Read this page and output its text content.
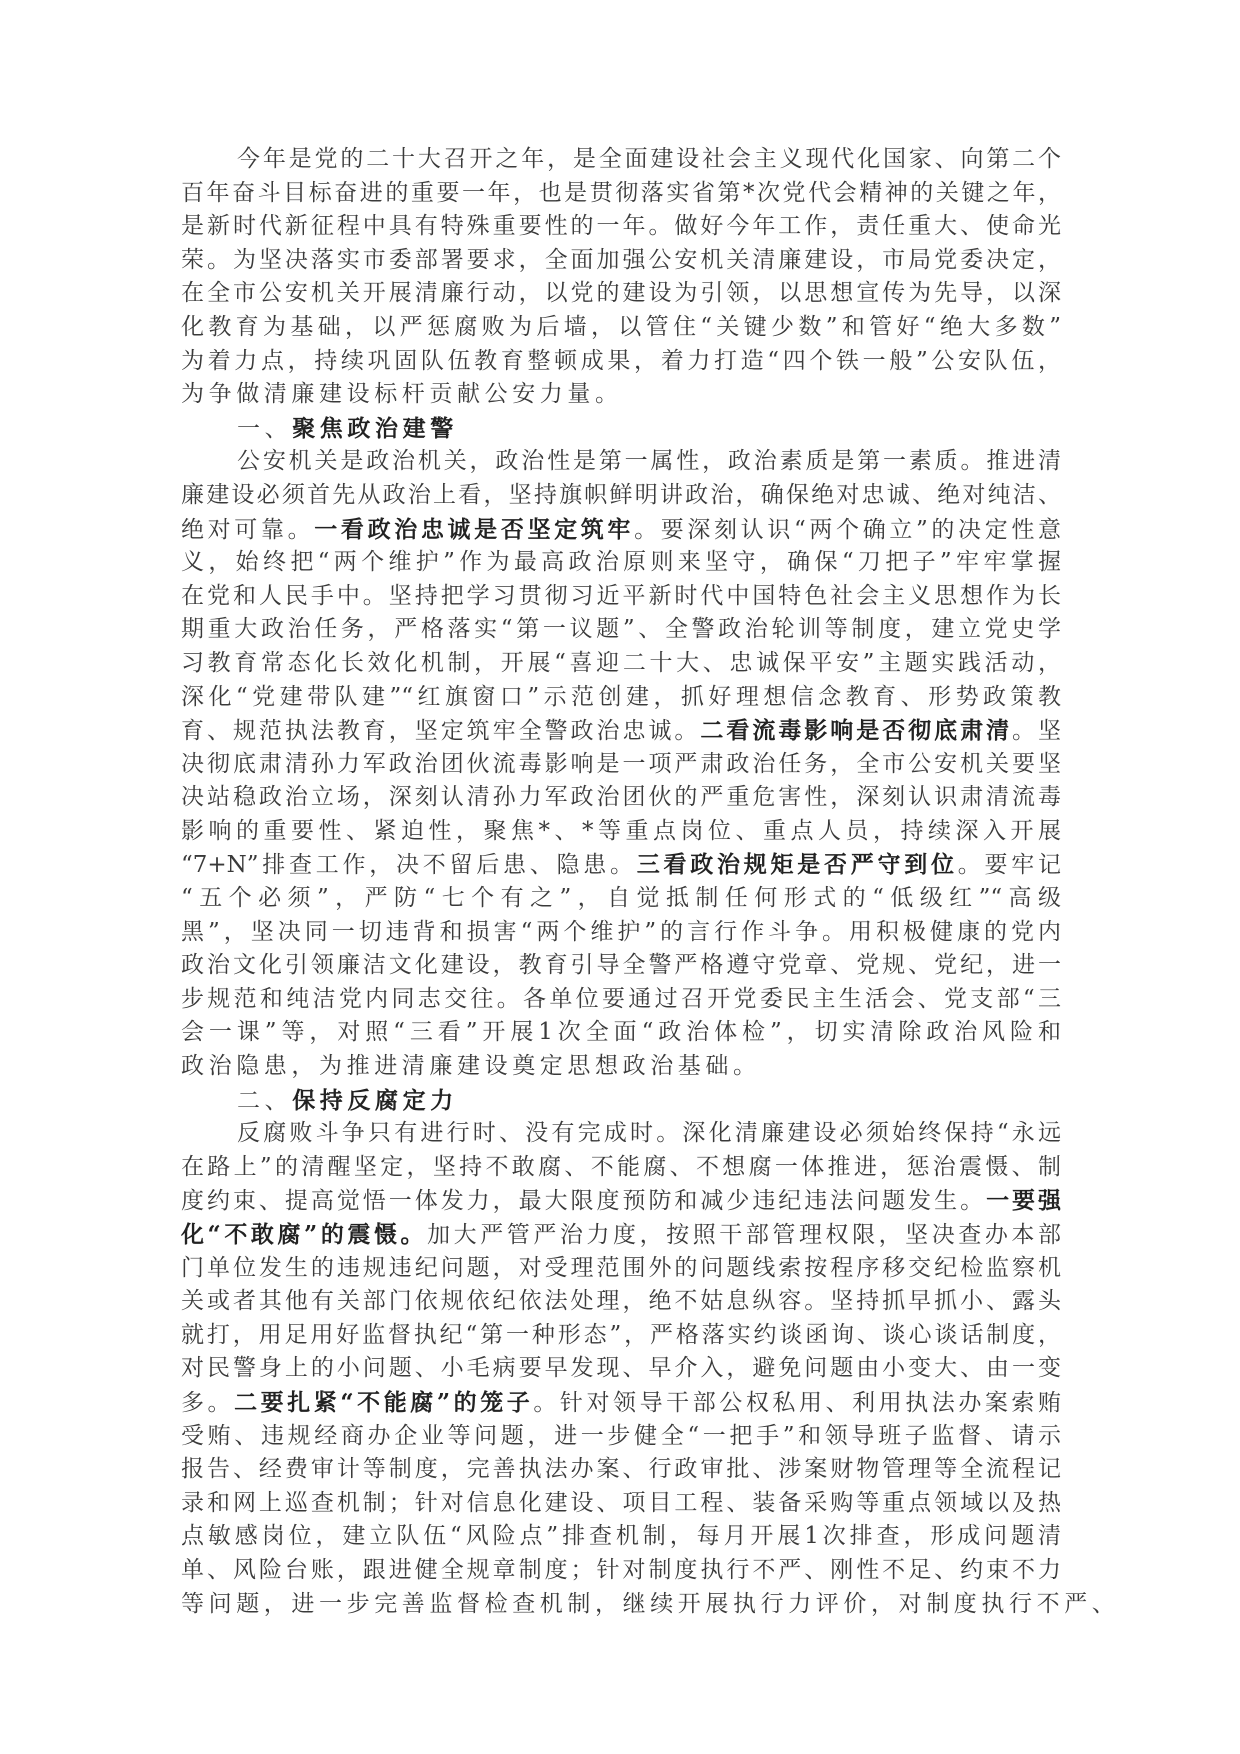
今年是党的二十大召开之年，是全面建设社会主义现代化国家、向第二个
百年奋斗目标奋进的重要一年，也是贯彻落实省第*次党代会精神的关键之年，
是新时代新征程中具有特殊重要性的一年。做好今年工作，责任重大、使命光
荣。为坚决落实市委部署要求，全面加强公安机关清廉建设，市局党委决定，
在全市公安机关开展清廉行动，以党的建设为引领，以思想宣传为先导，以深
化教育为基础，以严惩腐败为后墙，以管住“关键少数”和管好“绝大多数”
为着力点，持续巩固队伍教育整顿成果，着力打造“四个铁一般”公安队伍，
为争做清廉建设标杆贡献公安力量。
一、聚焦政治建警
公安机关是政治机关，政治性是第一属性，政治素质是第一素质。推进清
廉建设必须首先从政治上看，坚持旗帜鲜明讲政治，确保绝对忠诚、绝对纯洁、
绝对可靠。一看政治忠诚是否坚定筑牢。要深刻认识“两个确立”的决定性意
义，始终把“两个维护”作为最高政治原则来坚守，确保“刀把子”牢牢掌握
在党和人民手中。坚持把学习贯彻习近平新时代中国特色社会主义思想作为长
期重大政治任务，严格落实“第一议题”、全警政治轮训等制度，建立党史学
习教育常态化长效化机制，开展“喜迎二十大、忠诚保平安”主题实践活动，
深化“党建带队建”“红旗窗口”示范创建，抓好理想信念教育、形势政策教
育、规范执法教育，坚定筑牢全警政治忠诚。二看流毒影响是否彻底肃清。坚
决彻底肃清孙力军政治团伙流毒影响是一项严肃政治任务，全市公安机关要坚
决站稳政治立场，深刻认清孙力军政治团伙的严重危害性，深刻认识肃清流毒
影响的重要性、紧迫性，聚焦*、*等重点岗位、重点人员，持续深入开展
“7+N”排查工作，决不留后患、隐患。三看政治规矩是否严守到位。要牢记
“五个必须”，严防“七个有之”，自觉抵制任何形式的“低级红”“高级
黑”，坚决同一切违背和损害“两个维护”的言行作斗争。用积极健康的党内
政治文化引领廉洁文化建设，教育引导全警严格遵守党章、党规、党纪，进一
步规范和纯洁党内同志交往。各单位要通过召开党委民主生活会、党支部“三
会一课”等，对照“三看”开展1次全面“政治体检”，切实清除政治风险和
政治隐患，为推进清廉建设奠定思想政治基础。
二、保持反腐定力
反腐败斗争只有进行时、没有完成时。深化清廉建设必须始终保持“永远
在路上”的清醒坚定，坚持不敢腐、不能腐、不想腐一体推进，惩治震慑、制
度约束、提高觉悟一体发力，最大限度预防和减少违纪违法问题发生。一要强
化“不敢腐”的震慑。加大严管严治力度，按照干部管理权限，坚决查办本部
门单位发生的违规违纪问题，对受理范围外的问题线索按程序移交纪检监察机
关或者其他有关部门依规依纪依法处理，绝不姑息纵容。坚持抓早抓小、露头
就打，用足用好监督执纪“第一种形态”，严格落实约谈函询、谈心谈话制度，
对民警身上的小问题、小毛病要早发现、早介入，避免问题由小变大、由一变
多。二要扎紧“不能腐”的笼子。针对领导干部公权私用、利用执法办案索贿
受贿、违规经商办企业等问题，进一步健全“一把手”和领导班子监督、请示
报告、经费审计等制度，完善执法办案、行政审批、涉案财物管理等全流程记
录和网上巡查机制；针对信息化建设、项目工程、装备采购等重点领域以及热
点敏感岗位，建立队伍“风险点”排查机制，每月开展1次排查，形成问题清
单、风险台账，跟进健全规章制度；针对制度执行不严、刚性不足、约束不力
等问题，进一步完善监督检查机制，继续开展执行力评价，对制度执行不严、
